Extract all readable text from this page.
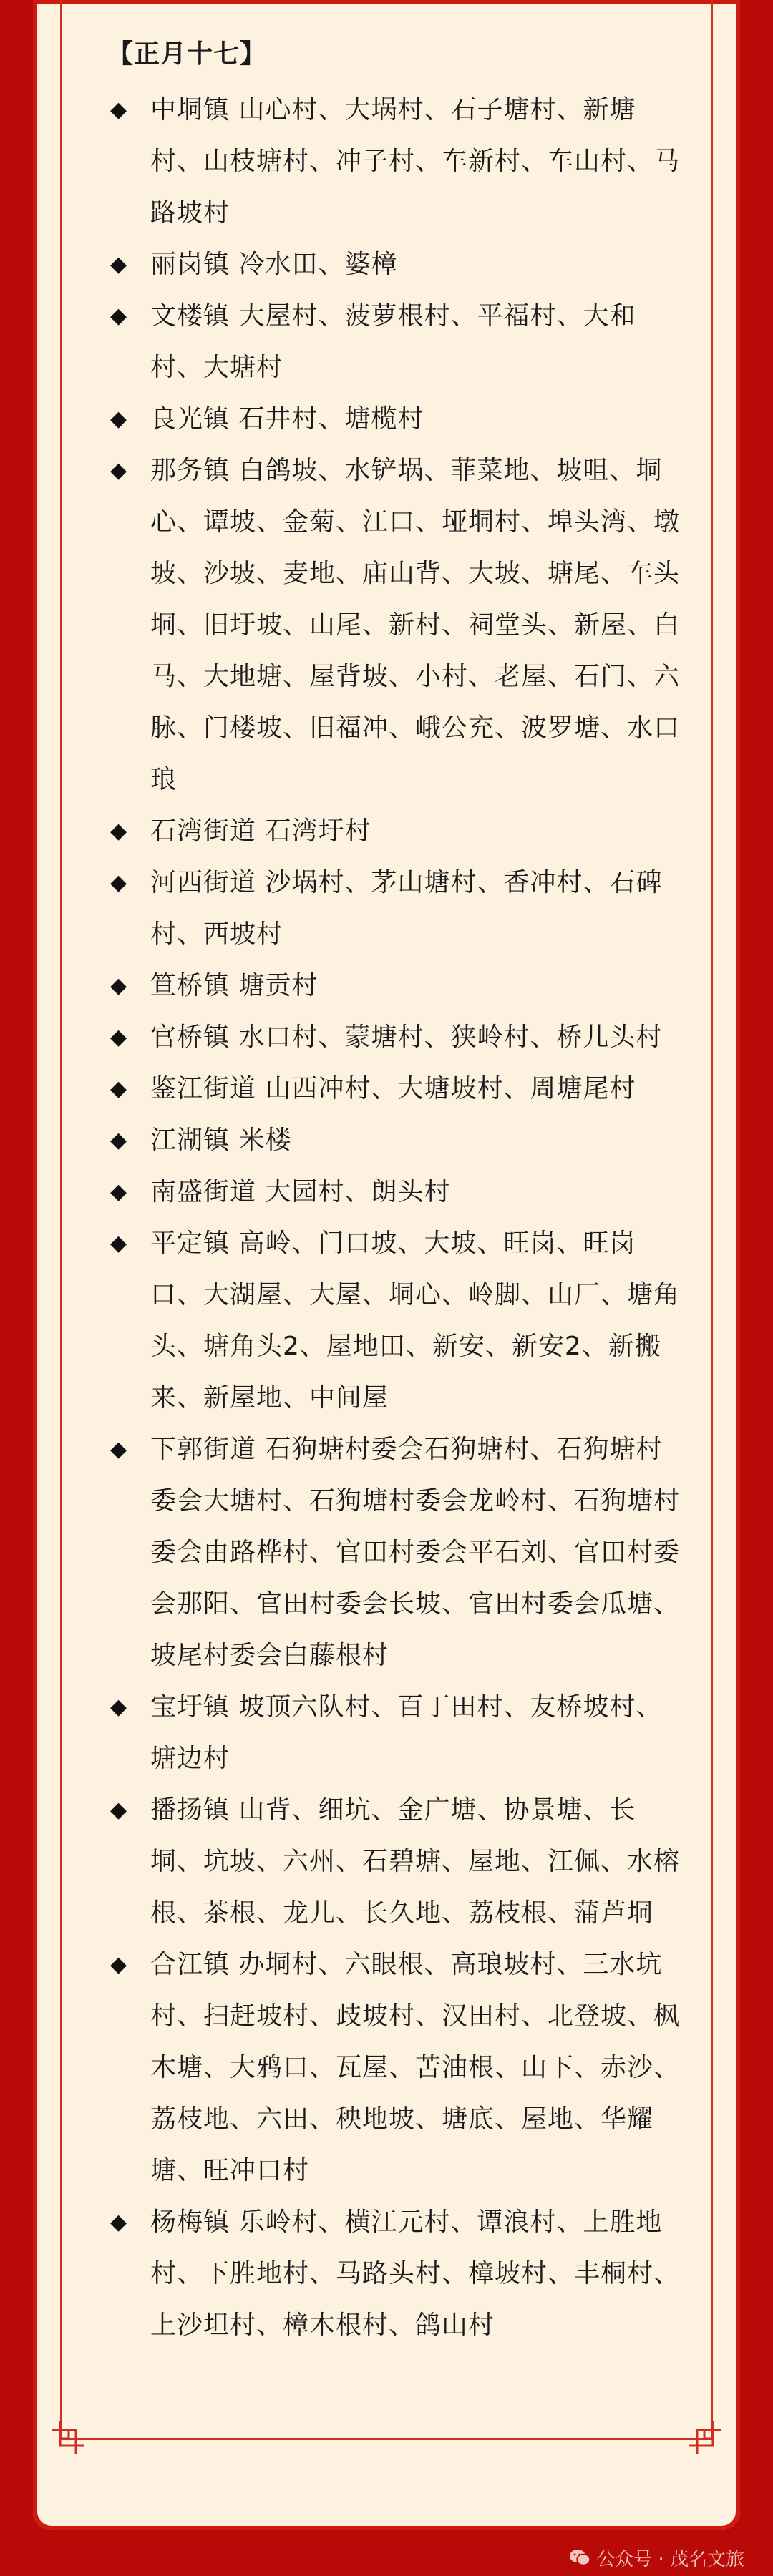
【正月十七】
◆ 中垌镇 山心村、大埚村、石子塘村、新塘村、山枝塘村、冲子村、车新村、车山村、马路坡村
◆ 丽岗镇 冷水田、婆樟
◆ 文楼镇 大屋村、菠萝根村、平福村、大和村、大塘村
◆ 良光镇 石井村、塘榄村
◆ 那务镇 白鸽坡、水铲埚、菲菜地、坡咀、垌心、谭坡、金菊、江口、垭垌村、埠头湾、墩坡、沙坡、麦地、庙山背、大坡、塘尾、车头垌、旧圩坡、山尾、新村、祠堂头、新屋、白马、大地塘、屋背坡、小村、老屋、石门、六脉、门楼坡、旧福冲、峨公充、波罗塘、水口琅
◆ 石湾街道 石湾圩村
◆ 河西街道 沙埚村、茅山塘村、香冲村、石碑村、西坡村
◆ 笪桥镇 塘贡村
◆ 官桥镇 水口村、蒙塘村、狭岭村、桥儿头村
◆ 鉴江街道 山西冲村、大塘坡村、周塘尾村
◆ 江湖镇 米楼
◆ 南盛街道 大园村、朗头村
◆ 平定镇 高岭、门口坡、大坡、旺岗、旺岗口、大湖屋、大屋、垌心、岭脚、山厂、塘角头、塘角头2、屋地田、新安、新安2、新搬来、新屋地、中间屋
◆ 下郭街道 石狗塘村委会石狗塘村、石狗塘村委会大塘村、石狗塘村委会龙岭村、石狗塘村委会由路桦村、官田村委会平石刘、官田村委会那阳、官田村委会长坡、官田村委会瓜塘、坡尾村委会白藤根村
◆ 宝圩镇 坡顶六队村、百丁田村、友桥坡村、塘边村
◆ 播扬镇 山背、细坑、金广塘、协景塘、长垌、坑坡、六州、石碧塘、屋地、江佩、水榕根、茶根、龙儿、长久地、荔枝根、蒲芦垌
◆ 合江镇 办垌村、六眼根、高琅坡村、三水坑村、扫赶坡村、歧坡村、汉田村、北登坡、枫木塘、大鸦口、瓦屋、苦油根、山下、赤沙、荔枝地、六田、秧地坡、塘底、屋地、华耀塘、旺冲口村
◆ 杨梅镇 乐岭村、横江元村、谭浪村、上胜地村、下胜地村、马路头村、樟坡村、丰桐村、上沙坦村、樟木根村、鸽山村
公众号 · 茂名文旅
